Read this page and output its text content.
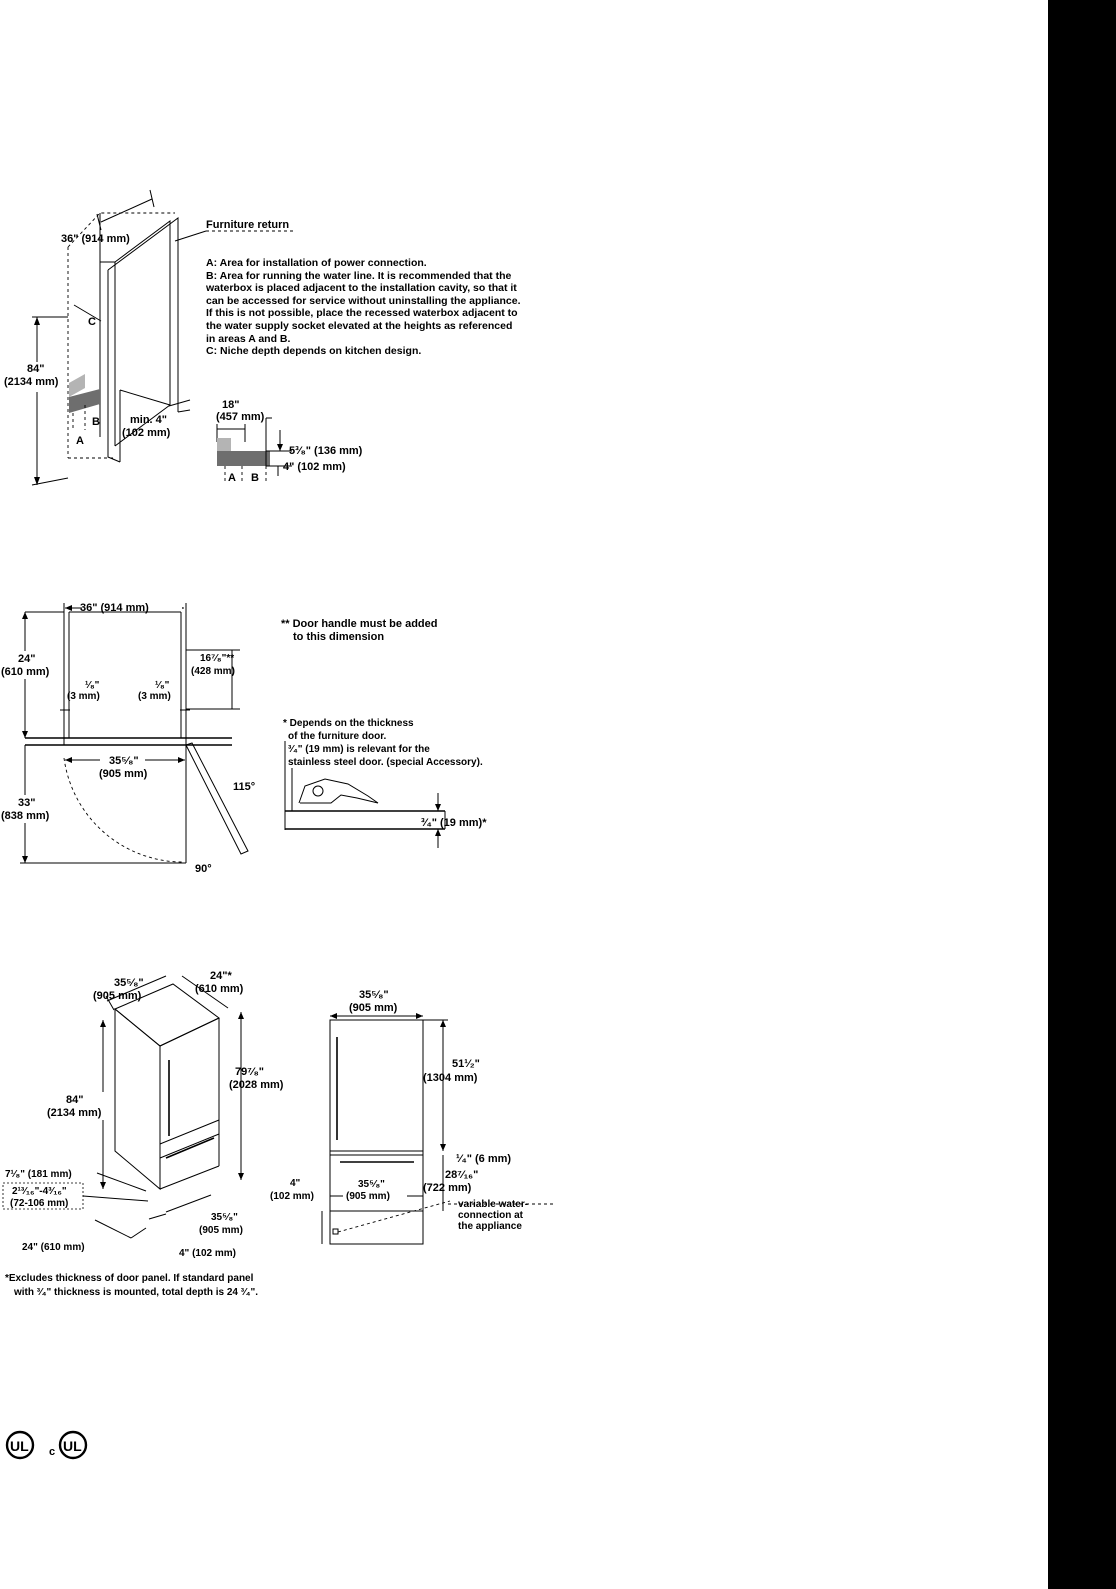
A: Area for installation of power connection.
B: Area for running the water line. It is recommended that the
waterbox is placed adjacent to the installation cavity, so that it
can be accessed for service without uninstalling the appliance.
If this is not possible, place the recessed waterbox adjacent to
the water supply socket elevated at the heights as referenced
in areas A and B.
C: Niche depth depends on kitchen design.
36" (914 mm)
Furniture return
C
84"
(2134 mm)
A
B	min. 4"
(102 mm)
18"
(457 mm)
A B
5³⁄₈" (136 mm)
4" (102 mm)
36" (914 mm)
24"
(610 mm)
¹⁄₈"
(3 mm)
¹⁄₈"
(3 mm)
16⁷⁄₈"**
(428 mm)
35⁵⁄₈"
(905 mm)
33"
(838 mm)
115°
90°
** Door handle must be added
to this dimension
* Depends on the thickness
of the furniture door.
³⁄₄" (19 mm) is relevant for the
stainless steel door. (special Accessory).
³⁄₄" (19 mm)*
35⁵⁄₈"
(905 mm)
24"*
(610 mm)
84"
(2134 mm)
79⁷⁄₈"
(2028 mm)
7¹⁄₈" (181 mm)
2¹³⁄₁₆"-4³⁄₁₆"
(72-106 mm)
24" (610 mm)
35⁵⁄₈"
(905 mm)
4" (102 mm)
35⁵⁄₈"
(905 mm)
51¹⁄₂"
(1304 mm)
¹⁄₄" (6 mm)
28⁷⁄₁₆"
(722 mm)
variable water-
connection at
the appliance
4"
(102 mm)
35⁵⁄₈"
(905 mm)
*Excludes thickness of door panel. If standard panel
with ³⁄₄" thickness is mounted, total depth is 24 ³⁄₄".
UL c UL
